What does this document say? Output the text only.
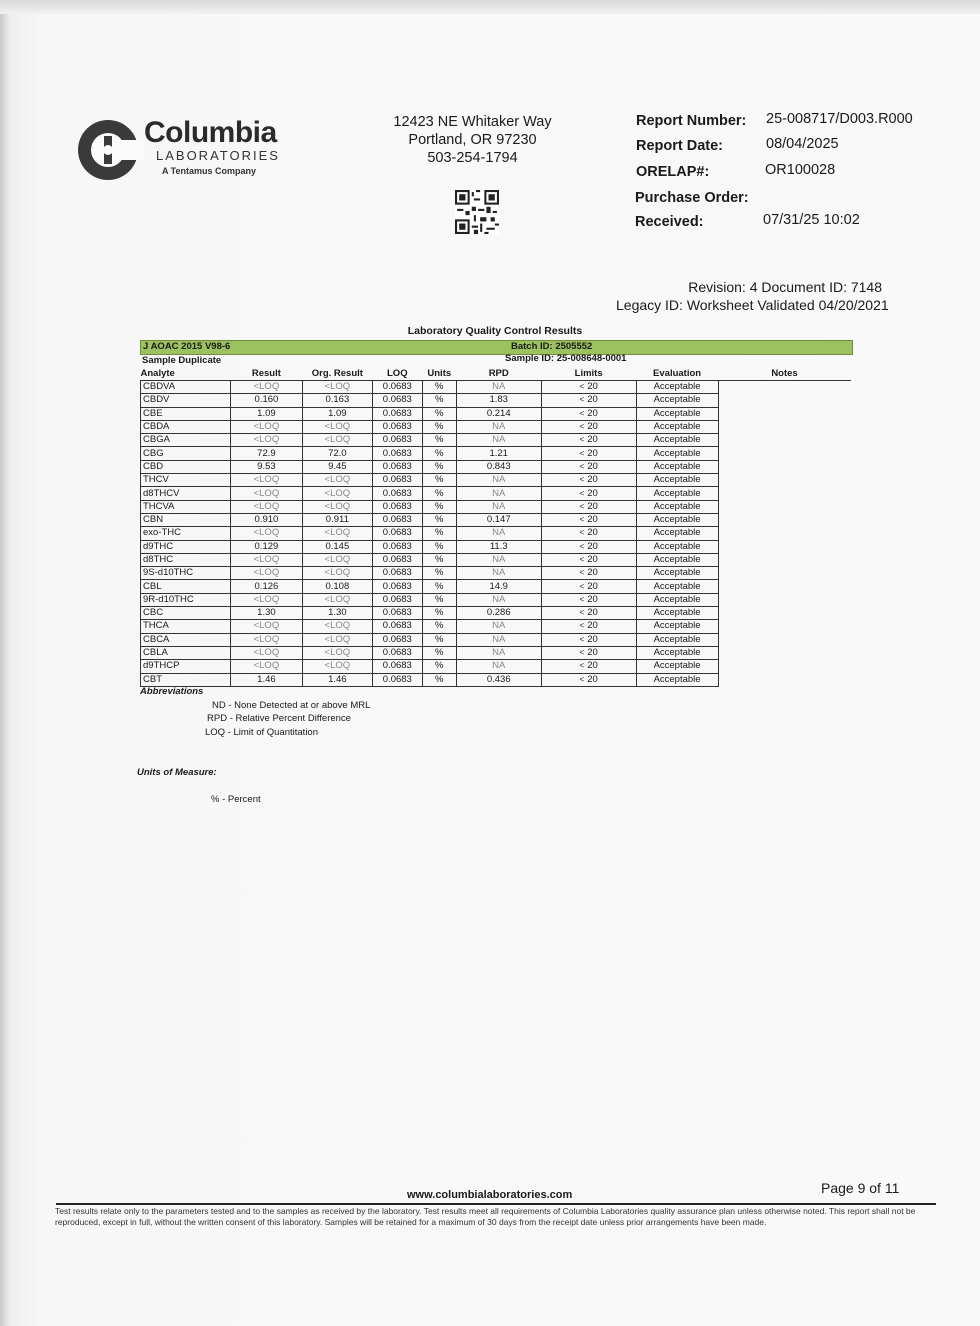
Columbia
LABORATORIES
A Tentamus Company
12423 NE Whitaker Way
Portland, OR 97230
503-254-1794
Report Number: 25-008717/D003.R000
Report Date:	08/04/2025
ORELAP#:	OR100028
Purchase Order:
Received:	07/31/25 10:02
Revision: 4 Document ID: 7148
Legacy ID: Worksheet Validated 04/20/2021
Laboratory Quality Control Results
J AOAC 2015 V98-6	Batch ID: 2505552
Sample Duplicate	Sample ID: 25-008648-0001
Analyte	Result	Org. Result	LOQ	Units	RPD	Limits	Evaluation	Notes
CBDVA	<LOQ	<LOQ	0.0683	%	NA	< 20	Acceptable	
CBDV	0.160	0.163	0.0683	%	1.83	< 20	Acceptable	
CBE	1.09	1.09	0.0683	%	0.214	< 20	Acceptable	
CBDA	<LOQ	<LOQ	0.0683	%	NA	< 20	Acceptable	
CBGA	<LOQ	<LOQ	0.0683	%	NA	< 20	Acceptable	
CBG	72.9	72.0	0.0683	%	1.21	< 20	Acceptable	
CBD	9.53	9.45	0.0683	%	0.843	< 20	Acceptable	
THCV	<LOQ	<LOQ	0.0683	%	NA	< 20	Acceptable	
d8THCV	<LOQ	<LOQ	0.0683	%	NA	< 20	Acceptable	
THCVA	<LOQ	<LOQ	0.0683	%	NA	< 20	Acceptable	
CBN	0.910	0.911	0.0683	%	0.147	< 20	Acceptable	
exo-THC	<LOQ	<LOQ	0.0683	%	NA	< 20	Acceptable	
d9THC	0.129	0.145	0.0683	%	11.3	< 20	Acceptable	
d8THC	<LOQ	<LOQ	0.0683	%	NA	< 20	Acceptable	
9S-d10THC	<LOQ	<LOQ	0.0683	%	NA	< 20	Acceptable	
CBL	0.126	0.108	0.0683	%	14.9	< 20	Acceptable	
9R-d10THC	<LOQ	<LOQ	0.0683	%	NA	< 20	Acceptable	
CBC	1.30	1.30	0.0683	%	0.286	< 20	Acceptable	
THCA	<LOQ	<LOQ	0.0683	%	NA	< 20	Acceptable	
CBCA	<LOQ	<LOQ	0.0683	%	NA	< 20	Acceptable	
CBLA	<LOQ	<LOQ	0.0683	%	NA	< 20	Acceptable	
d9THCP	<LOQ	<LOQ	0.0683	%	NA	< 20	Acceptable	
CBT	1.46	1.46	0.0683	%	0.436	< 20	Acceptable	
Abbreviations
ND - None Detected at or above MRL
RPD - Relative Percent Difference
LOQ - Limit of Quantitation
Units of Measure:
% - Percent
Page 9 of 11
www.columbialaboratories.com
Test results relate only to the parameters tested and to the samples as received by the laboratory. Test results meet all requirements of Columbia Laboratories quality assurance plan unless otherwise noted. This report shall not be reproduced, except in full, without the written consent of this laboratory. Samples will be retained for a maximum of 30 days from the receipt date unless prior arrangements have been made.
